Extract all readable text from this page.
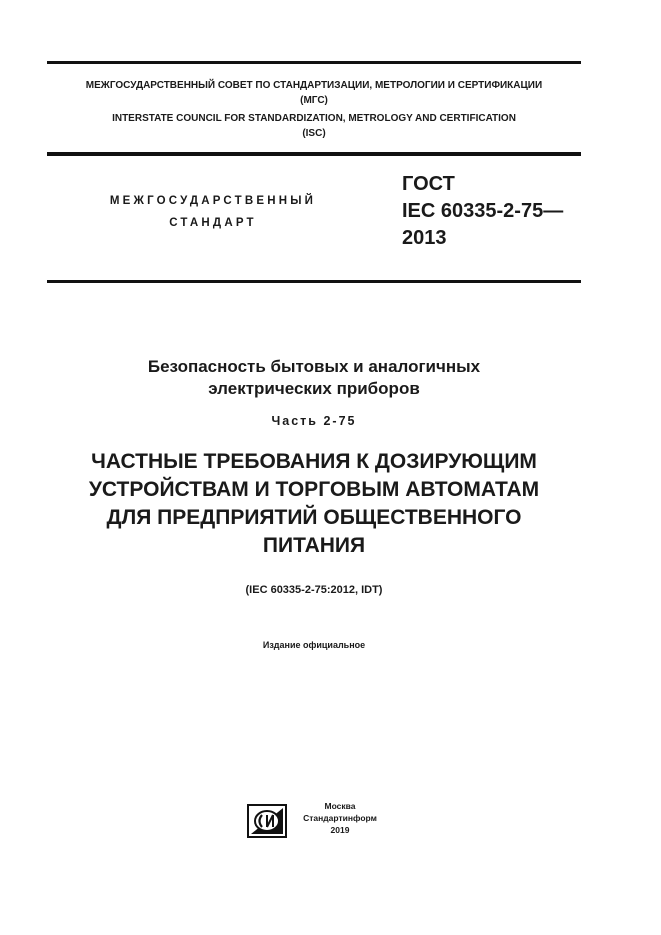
МЕЖГОСУДАРСТВЕННЫЙ СОВЕТ ПО СТАНДАРТИЗАЦИИ, МЕТРОЛОГИИ И СЕРТИФИКАЦИИ
(МГС)
INTERSTATE COUNCIL FOR STANDARDIZATION, METROLOGY AND CERTIFICATION
(ISC)
МЕЖГОСУДАРСТВЕННЫЙ
СТАНДАРТ
ГОСТ
IEC 60335-2-75—
2013
Безопасность бытовых и аналогичных
электрических приборов
Часть 2-75
ЧАСТНЫЕ ТРЕБОВАНИЯ К ДОЗИРУЮЩИМ
УСТРОЙСТВАМ И ТОРГОВЫМ АВТОМАТАМ
ДЛЯ ПРЕДПРИЯТИЙ ОБЩЕСТВЕННОГО
ПИТАНИЯ
(IEC 60335-2-75:2012, IDT)
Издание официальное
Москва
Стандартинформ
2019
